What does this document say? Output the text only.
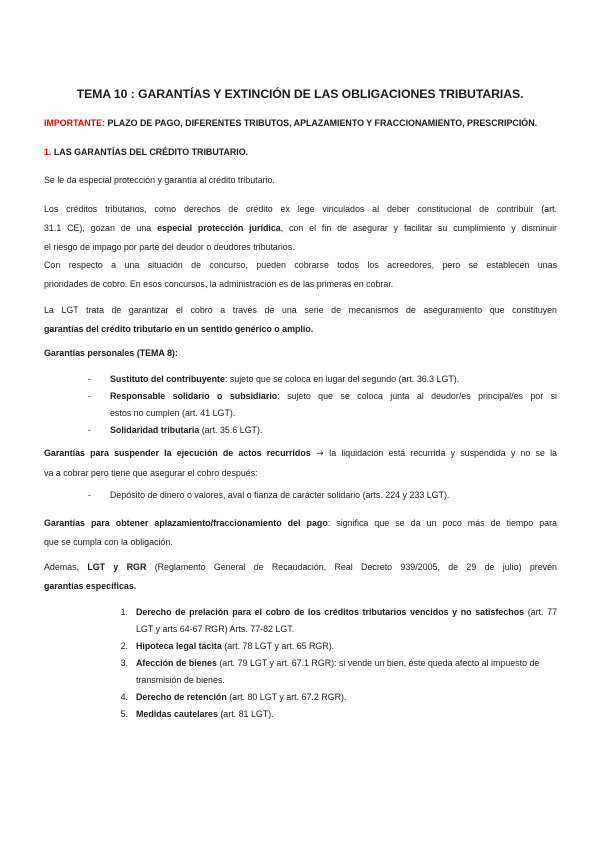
TEMA 10 : GARANTÍAS Y EXTINCIÓN DE LAS OBLIGACIONES TRIBUTARIAS.

IMPORTANTE: PLAZO DE PAGO, DIFERENTES TRIBUTOS, APLAZAMIENTO Y FRACCIONAMIENTO, PRESCRIPCIÓN.

1. LAS GARANTÍAS DEL CRÉDITO TRIBUTARIO.

Se le da especial protección y garantía al crédito tributario.

Los créditos tributarios, como derechos de crédito ex lege vinculados al deber constitucional de contribuir (art.
31.1 CE), gozan de una especial protección jurídica, con el fin de asegurar y facilitar su cumplimiento y disminuir
el riesgo de impago por parte del deudor o deudores tributarios.
Con respecto a una situación de concurso, pueden cobrarse todos los acreedores, pero se establecen unas
prioridades de cobro. En esos concursos, la administración es de las primeras en cobrar.
La LGT trata de garantizar el cobro a través de una serie de mecanismos de aseguramiento que constituyen
garantías del crédito tributario en un sentido genérico o amplio.

Garantías personales (TEMA 8):

- Sustituto del contribuyente: sujeto que se coloca en lugar del segundo (art. 36.3 LGT).
- Responsable solidario o subsidiario: sujeto que se coloca junta al deudor/es principal/es por si
estos no cumplen (art. 41 LGT).
- Solidaridad tributaria (art. 35.6 LGT).
Garantías para suspender la ejecución de actos recurridos → la liquidación está recurrida y suspendida y no se la
va a cobrar pero tiene que asegurar el cobro después:
- Depósito de dinero o valores, aval o fianza de carácter solidario (arts. 224 y 233 LGT).
Garantías para obtener aplazamiento/fraccionamiento del pago: significa que se da un poco más de tiempo para
que se cumpla con la obligación.
Además, LGT y RGR (Reglamento General de Recaudación, Real Decreto 939/2005, de 29 de julio) prevén
garantías específicas.
1. Derecho de prelación para el cobro de los créditos tributarios vencidos y no satisfechos (art. 77
LGT y arts 64-67 RGR) Arts. 77-82 LGT.
2. Hipoteca legal tácita (art. 78 LGT y art. 65 RGR).
3. Afección de bienes (art. 79 LGT y art. 67.1 RGR): si vende un bien, éste queda afecto al impuesto de
transmisión de bienes.
4. Derecho de retención (art. 80 LGT y art. 67.2 RGR).
5. Medidas cautelares (art. 81 LGT).
